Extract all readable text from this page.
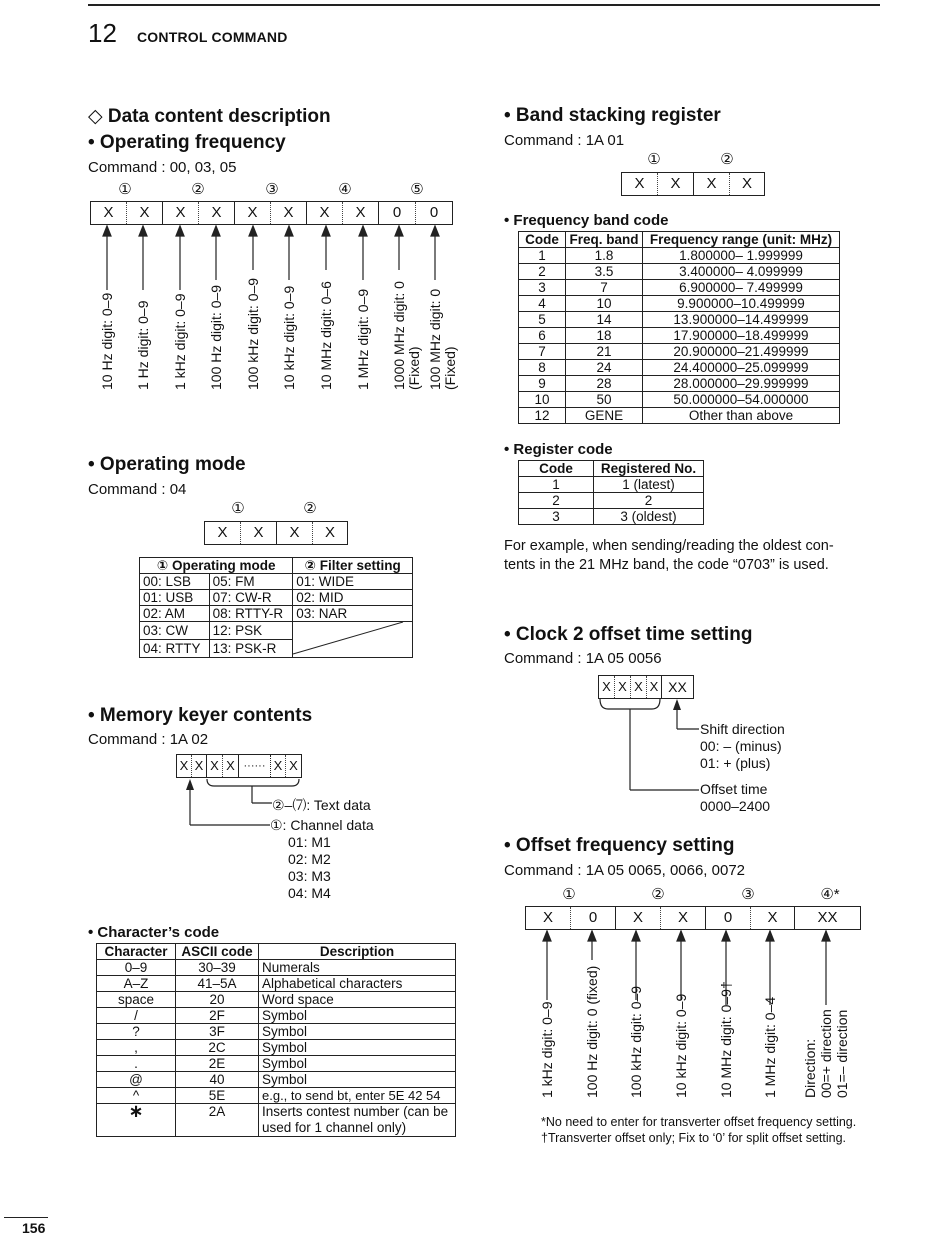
12 CONTROL COMMAND
◇ Data content description
• Operating frequency
Command : 00, 03, 05
①	②	③	④	⑤
X	X	X	X	X	X	X	X	0	0
10 Hz digit: 0–9 1 Hz digit: 0–9 1 kHz digit: 0–9 100 Hz digit: 0–9 100 kHz digit: 0–9 10 kHz digit: 0–9 10 MHz digit: 0–6 1 MHz digit: 0–9 1000 MHz digit: 0 (Fixed) 100 MHz digit: 0 (Fixed)
• Operating mode
Command : 04
①	②
X	X	X	X
① Operating mode		② Filter setting
00: LSB	05: FM	01: WIDE
01: USB	07: CW-R	02: MID
02: AM	08: RTTY-R	03: NAR
03: CW	12: PSK	
04: RTTY	13: PSK-R	
• Memory keyer contents
Command : 1A 02
X X X X ······ X X
②–⑺: Text data
①: Channel data
01: M1
02: M2
03: M3
04: M4
• Character’s code
Character	ASCII code	Description
0–9	30–39	Numerals
A–Z	41–5A	Alphabetical characters
space	20	Word space
/	2F	Symbol
?	3F	Symbol
,	2C	Symbol
.	2E	Symbol
@	40	Symbol
^	5E	e.g., to send bt, enter 5E 42 54
∗	2A	Inserts contest number (can be used for 1 channel only)
• Band stacking register
Command : 1A 01
①	②
X	X	X	X
• Frequency band code
Code	Freq. band	Frequency range (unit: MHz)
1	1.8	1.800000– 1.999999
2	3.5	3.400000– 4.099999
3	7	6.900000– 7.499999
4	10	9.900000–10.499999
5	14	13.900000–14.499999
6	18	17.900000–18.499999
7	21	20.900000–21.499999
8	24	24.400000–25.099999
9	28	28.000000–29.999999
10	50	50.000000–54.000000
12	GENE	Other than above
• Register code
Code	Registered No.
1	1 (latest)
2	2
3	3 (oldest)
For example, when sending/reading the oldest con-
tents in the 21 MHz band, the code “0703” is used.
• Clock 2 offset time setting
Command : 1A 05 0056
X X X X XX
Shift direction
00: – (minus)
01: + (plus)
Offset time
0000–2400
• Offset frequency setting
Command : 1A 05 0065, 0066, 0072
①	②	③	④*
X	0	X	X	0	X	XX
1 kHz digit: 0–9 100 Hz digit: 0 (fixed) 100 kHz digit: 0–9 10 kHz digit: 0–9 10 MHz digit: 0–9† 1 MHz digit: 0–4 Direction: 00=+ direction 01=– direction
*No need to enter for transverter offset frequency setting.
†Transverter offset only; Fix to ‘0’ for split offset setting.
156
